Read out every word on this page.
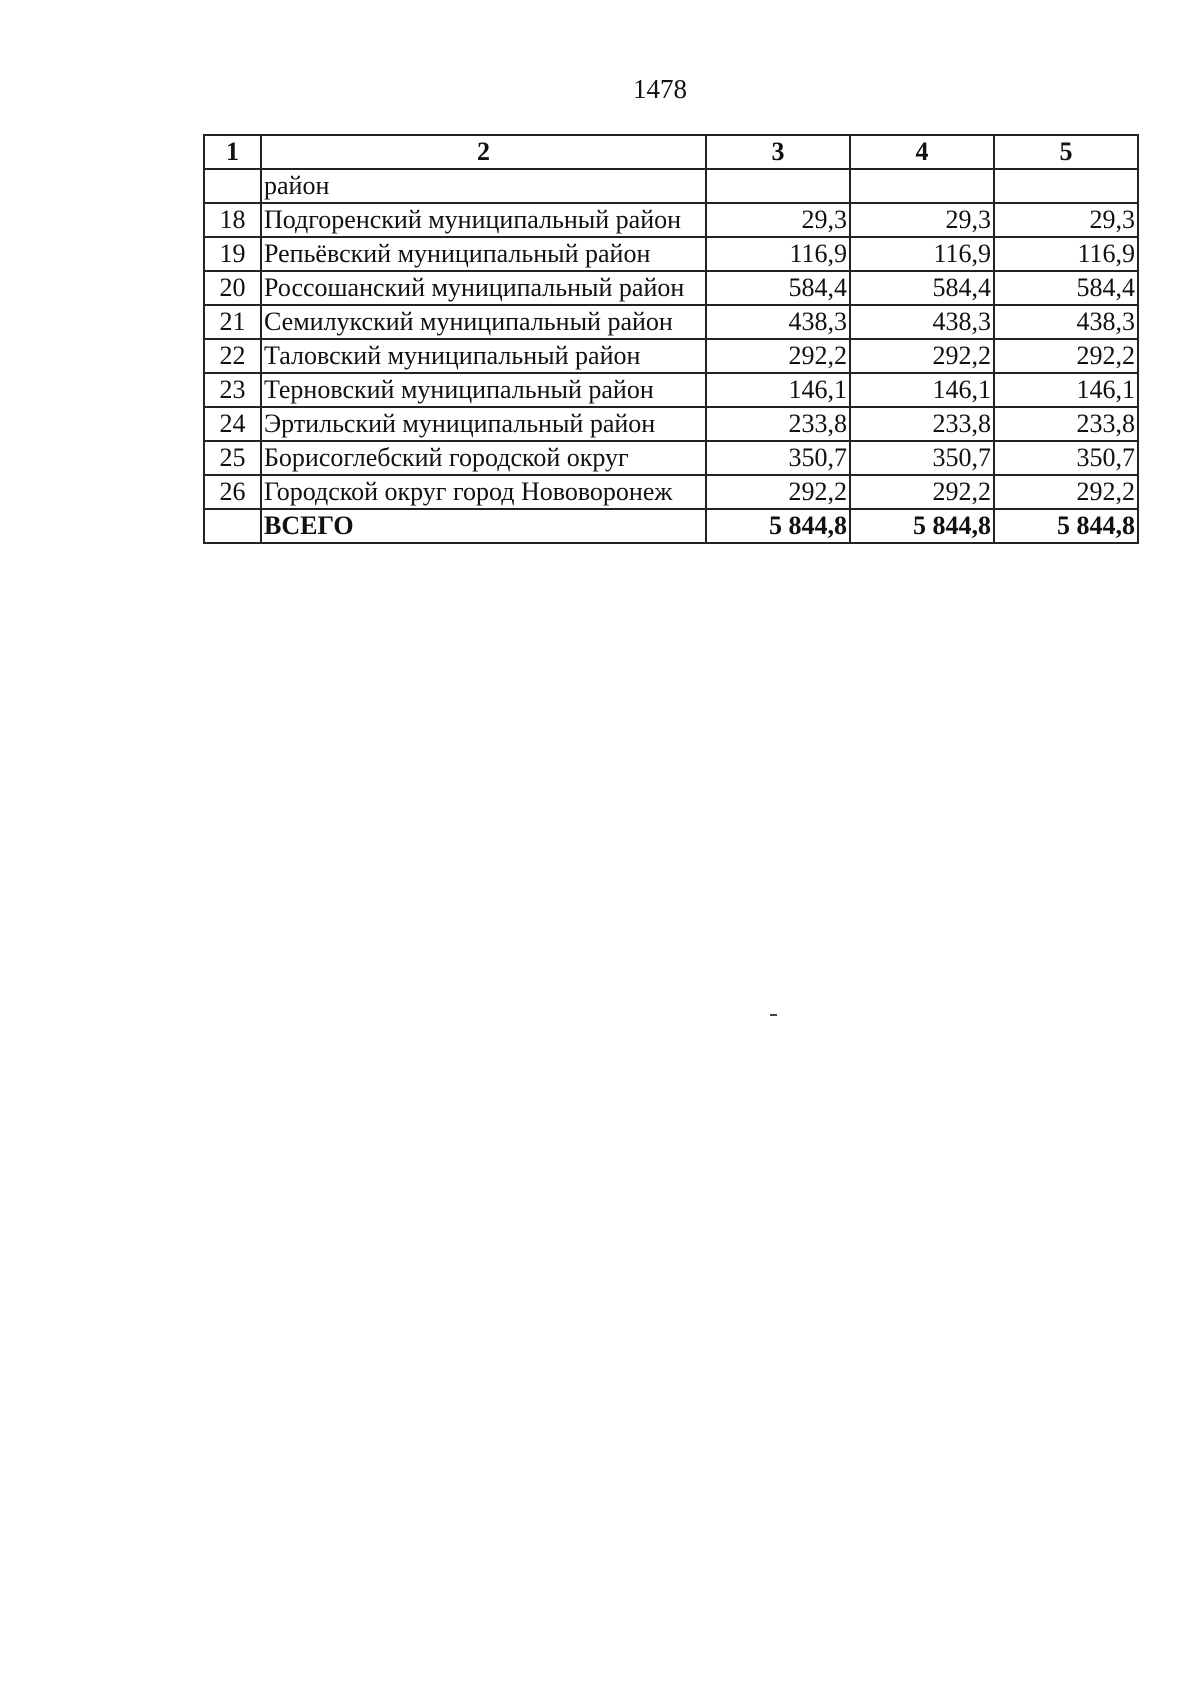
1478
1	2	3	4	5
	район			
18	Подгоренский муниципальный район	29,3	29,3	29,3
19	Репьёвский муниципальный район	116,9	116,9	116,9
20	Россошанский муниципальный район	584,4	584,4	584,4
21	Семилукский муниципальный район	438,3	438,3	438,3
22	Таловский муниципальный район	292,2	292,2	292,2
23	Терновский муниципальный район	146,1	146,1	146,1
24	Эртильский муниципальный район	233,8	233,8	233,8
25	Борисоглебский городской округ	350,7	350,7	350,7
26	Городской округ город Нововоронеж	292,2	292,2	292,2
	ВСЕГО	5 844,8	5 844,8	5 844,8
